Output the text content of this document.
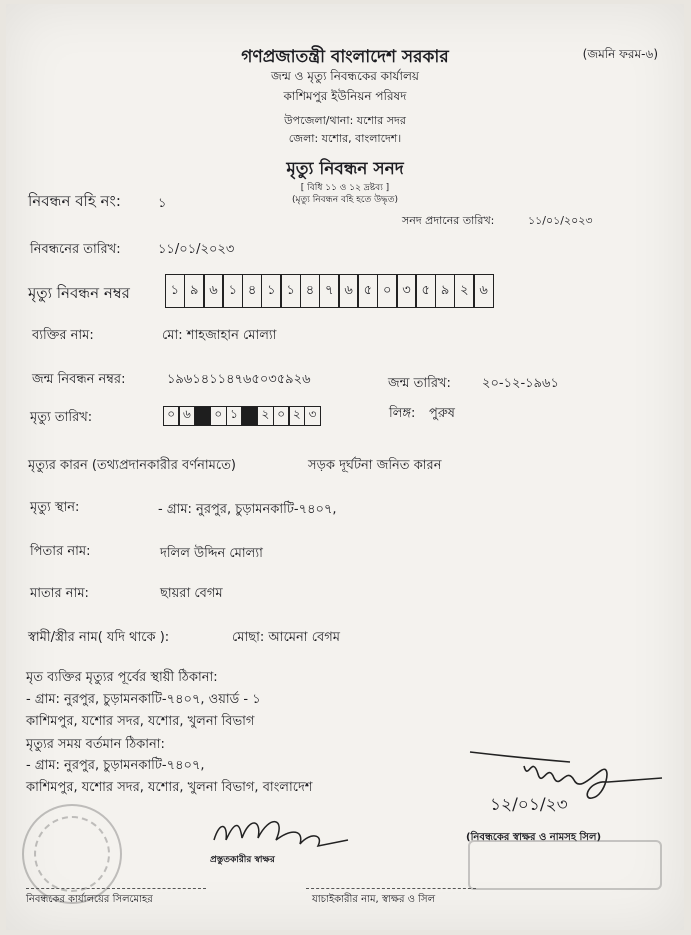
গণপ্রজাতন্ত্রী বাংলাদেশ সরকার	(জমনি ফরম-৬)
জন্ম ও মৃত্যু নিবন্ধকের কার্যালয়
কাশিমপুর ইউনিয়ন পরিষদ
উপজেলা/থানা: যশোর সদর
জেলা: যশোর, বাংলাদেশ।
মৃত্যু নিবন্ধন সনদ
[ বিধি ১১ ও ১২ দ্রষ্টব্য ]
(মৃত্যু নিবন্ধন বহি হতে উদ্ধৃত)
নিবন্ধন বহি নং:	১
সনদ প্রদানের তারিখ:	১১/০১/২০২৩
নিবন্ধনের তারিখ:	১১/০১/২০২৩
মৃত্যু নিবন্ধন নম্বর	১ ৯ ৬ ১ ৪ ১ ১ ৪ ৭ ৬ ৫ ০ ৩ ৫ ৯ ২ ৬
ব্যক্তির নাম:	মো: শাহজাহান মোল্যা
জন্ম নিবন্ধন নম্বর:	১৯৬১৪১১৪৭৬৫০৩৫৯২৬	জন্ম তারিখ: ২০-১২-১৯৬১
মৃত্যু তারিখ:	০ ৬	০ ১	২ ০ ২ ৩	লিঙ্গ: পুরুষ
মৃত্যুর কারন (তথ্যপ্রদানকারীর বর্ণনামতে)	সড়ক দূর্ঘটনা জনিত কারন
মৃত্যু স্থান:	- গ্রাম: নুরপুর, চুড়ামনকাটি-৭৪০৭,
পিতার নাম:	দলিল উদ্দিন মোল্যা
মাতার নাম:	ছায়রা বেগম
স্বামী/স্ত্রীর নাম( যদি থাকে ):	মোছা: আমেনা বেগম
মৃত ব্যক্তির মৃত্যুর পূর্বের স্থায়ী ঠিকানা:
- গ্রাম: নুরপুর, চুড়ামনকাটি-৭৪০৭, ওয়ার্ড - ১
কাশিমপুর, যশোর সদর, যশোর, খুলনা বিভাগ
মৃত্যুর সময় বর্তমান ঠিকানা:
- গ্রাম: নুরপুর, চুড়ামনকাটি-৭৪০৭,
কাশিমপুর, যশোর সদর, যশোর, খুলনা বিভাগ, বাংলাদেশ
১২/০১/২৩
(নিবন্ধকের স্বাক্ষর ও নামসহ সিল)
প্রস্তুতকারীর স্বাক্ষর
নিবন্ধকের কার্যালয়ের সিলমোহর	যাচাইকারীর নাম, স্বাক্ষর ও সিল
